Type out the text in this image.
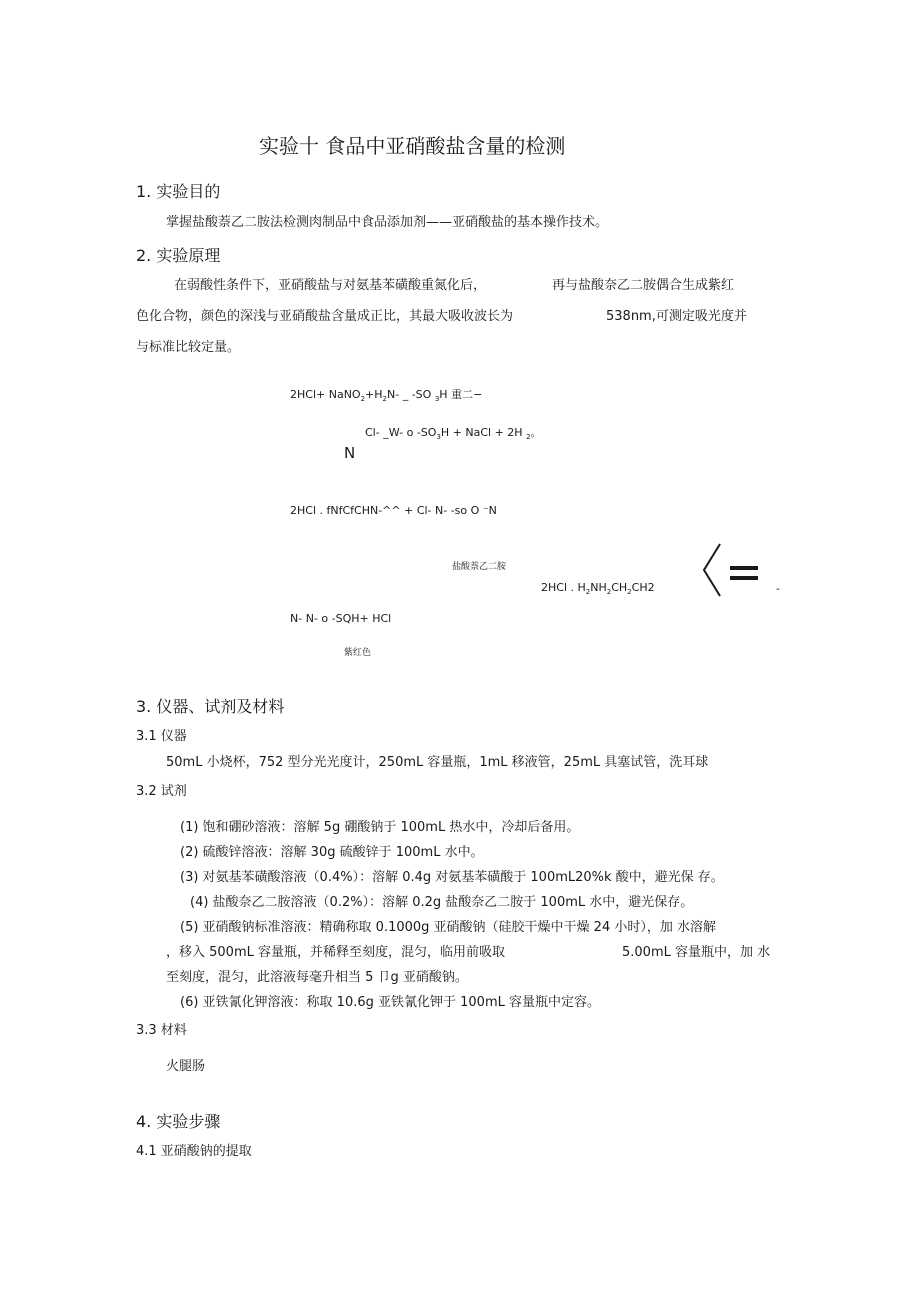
实验十 食品中亚硝酸盐含量的检测
1. 实验目的
掌握盐酸萘乙二胺法检测肉制品中食品添加剂——亚硝酸盐的基本操作技术。
2. 实验原理
在弱酸性条件下，亚硝酸盐与对氨基苯磺酸重氮化后，	再与盐酸奈乙二胺偶合生成紫红
色化合物，颜色的深浅与亚硝酸盐含量成正比，其最大吸收波长为	538nm,可测定吸光度并
与标准比较定量。
$2HCl+ NaNO_2+H_2N-$ _ -SO $_3$H 重二−
Cl- _W- ο $-SO_3H$ + NaCl + 2H $_2$。
N
2HCl . fNfCfCHN-^^ + Cl- N- -so O ⁻N
盐酸萘乙二胺
2HCl . $H_2NH_2CH_2CH2$	-
N- N- ο -SQH+ HCl
紫红色
3. 仪器、试剂及材料
3.1 仪器
50mL 小烧杯，752 型分光光度计，250mL 容量瓶，1mL 移液管，25mL 具塞试管，洗耳球
3.2 试剂
(1) 饱和硼砂溶液：溶解 5g 硼酸钠于 100mL 热水中，冷却后备用。
(2) 硫酸锌溶液：溶解 30g 硫酸锌于 100mL 水中。
(3) 对氨基苯磺酸溶液（0.4%）：溶解 0.4g 对氨基苯磺酸于 100mL20%k 酸中，避光保 存。
(4) 盐酸奈乙二胺溶液（0.2%）：溶解 0.2g 盐酸奈乙二胺于 100mL 水中，避光保存。
(5) 亚硝酸钠标准溶液：精确称取 0.1000g 亚硝酸钠（硅胶干燥中干燥 24 小时），加 水溶解
，移入 500mL 容量瓶，并稀释至刻度，混匀，临用前吸取	5.00mL 容量瓶中，加 水
至刻度，混匀，此溶液每毫升相当 5 卩g 亚硝酸钠。
(6) 亚铁氰化钾溶液：称取 10.6g 亚铁氰化钾于 100mL 容量瓶中定容。
3.3 材料
火腿肠
4. 实验步骤
4.1 亚硝酸钠的提取
